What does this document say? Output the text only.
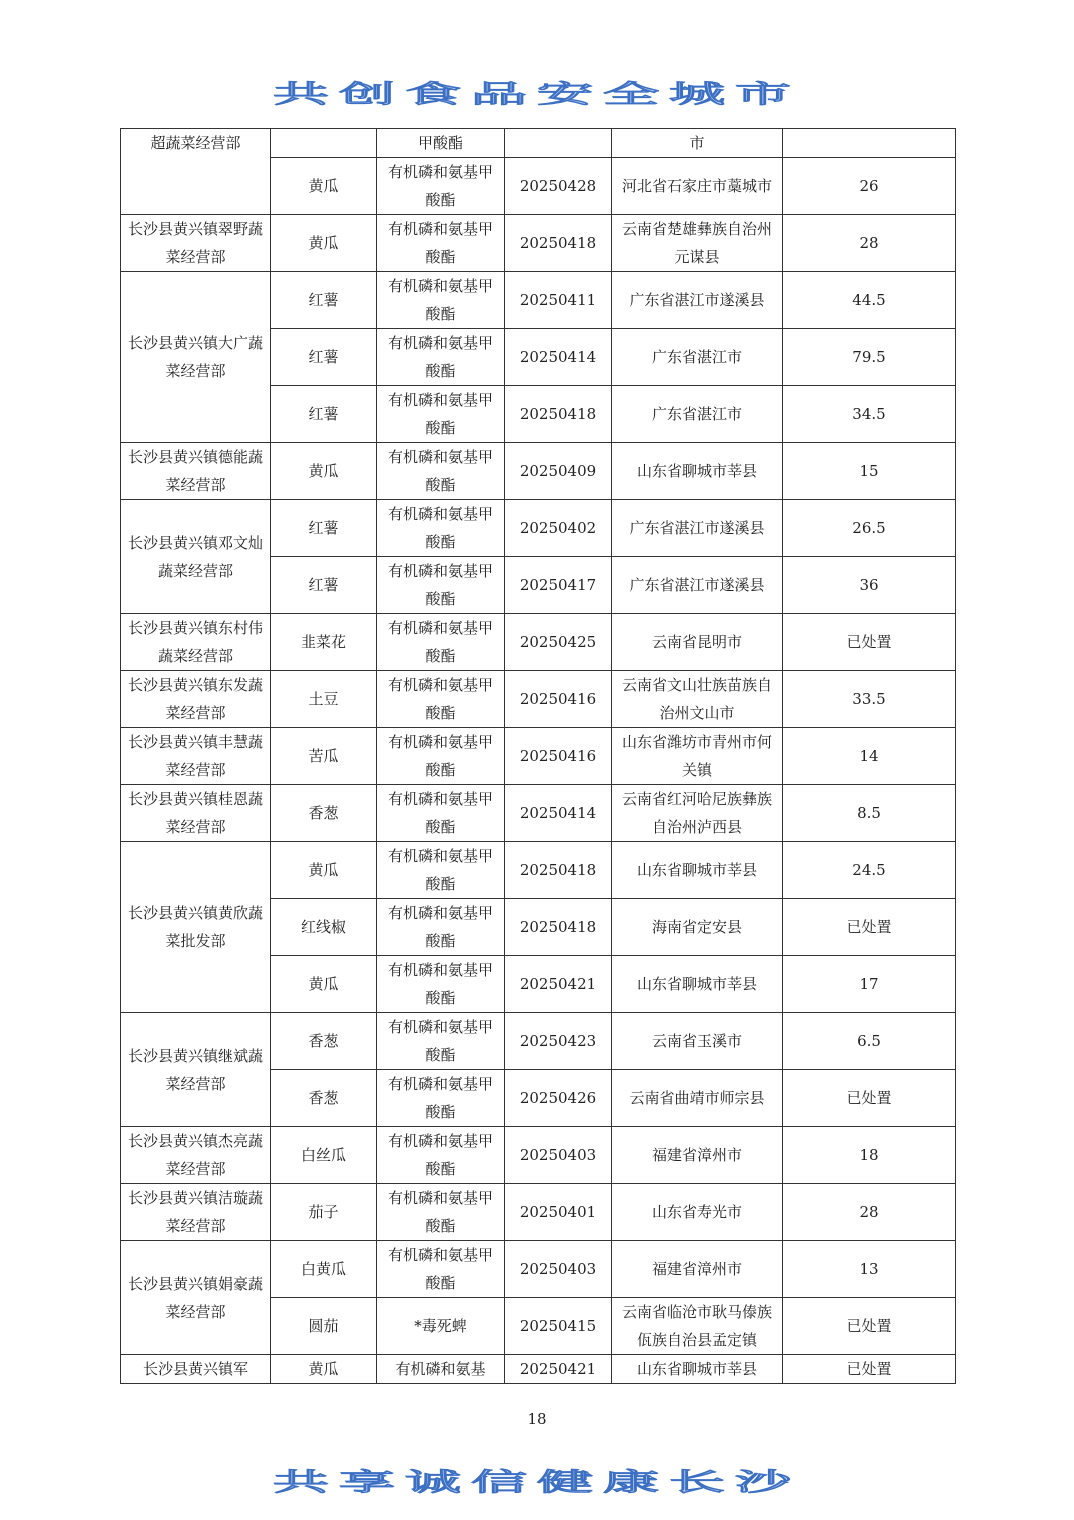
共创食品安全城市
超蔬菜经营部		甲酸酯		市	
	黄瓜	有机磷和氨基甲酸酯	20250428	河北省石家庄市藁城市	26
长沙县黄兴镇翠野蔬菜经营部	黄瓜	有机磷和氨基甲酸酯	20250418	云南省楚雄彝族自治州元谋县	28
长沙县黄兴镇大广蔬菜经营部	红薯	有机磷和氨基甲酸酯	20250411	广东省湛江市遂溪县	44.5
	红薯	有机磷和氨基甲酸酯	20250414	广东省湛江市	79.5
	红薯	有机磷和氨基甲酸酯	20250418	广东省湛江市	34.5
长沙县黄兴镇德能蔬菜经营部	黄瓜	有机磷和氨基甲酸酯	20250409	山东省聊城市莘县	15
长沙县黄兴镇邓文灿蔬菜经营部	红薯	有机磷和氨基甲酸酯	20250402	广东省湛江市遂溪县	26.5
	红薯	有机磷和氨基甲酸酯	20250417	广东省湛江市遂溪县	36
长沙县黄兴镇东村伟蔬菜经营部	韭菜花	有机磷和氨基甲酸酯	20250425	云南省昆明市	已处置
长沙县黄兴镇东发蔬菜经营部	土豆	有机磷和氨基甲酸酯	20250416	云南省文山壮族苗族自治州文山市	33.5
长沙县黄兴镇丰慧蔬菜经营部	苦瓜	有机磷和氨基甲酸酯	20250416	山东省潍坊市青州市何关镇	14
长沙县黄兴镇桂恩蔬菜经营部	香葱	有机磷和氨基甲酸酯	20250414	云南省红河哈尼族彝族自治州泸西县	8.5
长沙县黄兴镇黄欣蔬菜批发部	黄瓜	有机磷和氨基甲酸酯	20250418	山东省聊城市莘县	24.5
	红线椒	有机磷和氨基甲酸酯	20250418	海南省定安县	已处置
	黄瓜	有机磷和氨基甲酸酯	20250421	山东省聊城市莘县	17
长沙县黄兴镇继斌蔬菜经营部	香葱	有机磷和氨基甲酸酯	20250423	云南省玉溪市	6.5
	香葱	有机磷和氨基甲酸酯	20250426	云南省曲靖市师宗县	已处置
长沙县黄兴镇杰亮蔬菜经营部	白丝瓜	有机磷和氨基甲酸酯	20250403	福建省漳州市	18
长沙县黄兴镇洁璇蔬菜经营部	茄子	有机磷和氨基甲酸酯	20250401	山东省寿光市	28
长沙县黄兴镇娟豪蔬菜经营部	白黄瓜	有机磷和氨基甲酸酯	20250403	福建省漳州市	13
	圆茄	*毒死蜱	20250415	云南省临沧市耿马傣族佤族自治县孟定镇	已处置
长沙县黄兴镇军	黄瓜	有机磷和氨基	20250421	山东省聊城市莘县	已处置
18
共享诚信健康长沙
